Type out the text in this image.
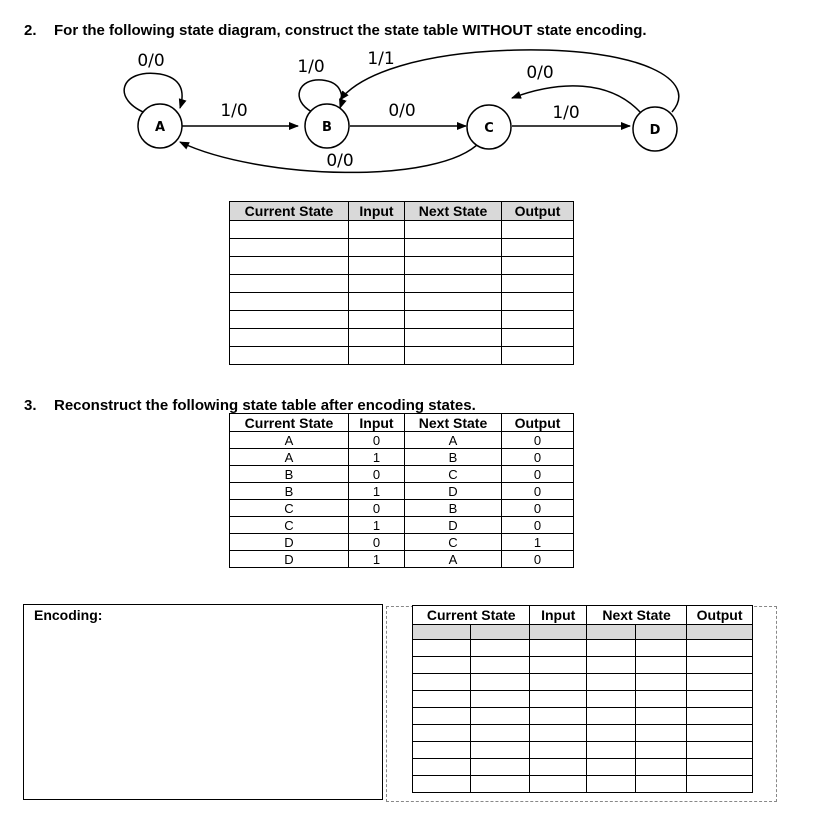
2. For the following state diagram, construct the state table WITHOUT state encoding.
A	B	C	D
0/0
1/0
1/0
0/0
0/0
1/0
0/0
1/1
Current State	Input	Next State	Output

3. Reconstruct the following state table after encoding states.
Current State	Input	Next State	Output
A	0	A	0
A	1	B	0
B	0	C	0
B	1	D	0
C	0	B	0
C	1	D	0
D	0	C	1
D	1	A	0
Encoding:	Current State		Input	Next State		Output
